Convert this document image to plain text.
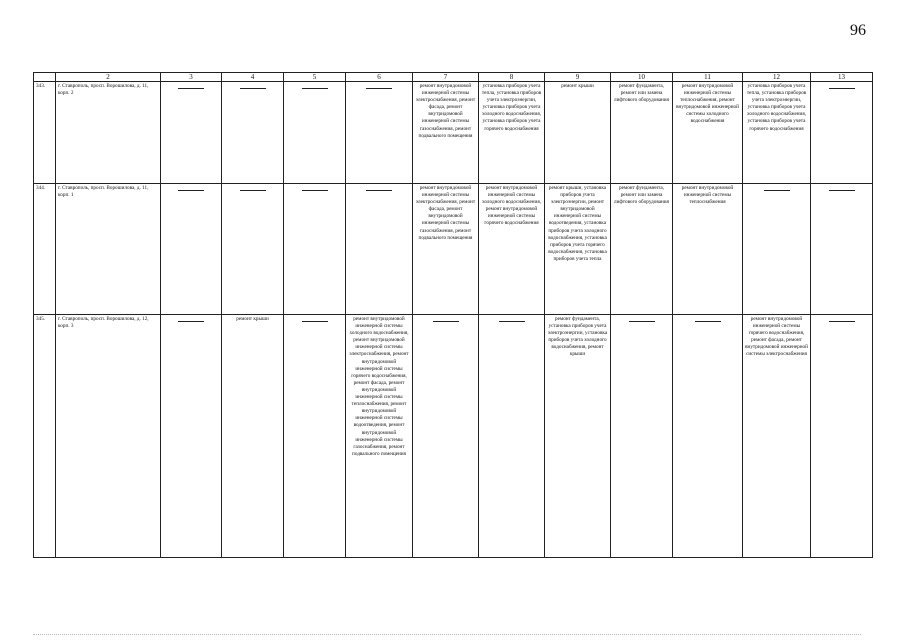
96
	2	3	4	5	6	7	8	9	10	11	12	13
343.	г. Ставрополь, просп. Ворошилова, д. 11, корп. 2					ремонт внутридомовой инженерной системы электроснабжения, ремонт фасада, ремонт внутридомовой инженерной системы газоснабжения, ремонт подвального помещения	установка приборов учета тепла, установка приборов учета электроэнергии, установка приборов учета холодного водоснабжения, установка приборов учета горячего водоснабжения	ремонт крыши	ремонт фундамента, ремонт или замена лифтового оборудования	ремонт внутридомовой инженерной системы теплоснабжения, ремонт внутридомовой инженерной системы холодного водоснабжения	установка приборов учета тепла, установка приборов учета электроэнергии, установка приборов учета холодного водоснабжения, установка приборов учета горячего водоснабжения	

344.	г. Ставрополь, просп. Ворошилова, д. 11, корп. 1					ремонт внутридомовой инженерной системы электроснабжения, ремонт фасада, ремонт внутридомовой инженерной системы газоснабжения, ремонт подвального помещения	ремонт внутридомовой инженерной системы холодного водоснабжения, ремонт внутридомовой инженерной системы горячего водоснабжения	ремонт крыши, установка приборов учета электроэнергии, ремонт внутридомовой инженерной системы водоотведения, установка приборов учета холодного водоснабжения, установка приборов учета горячего водоснабжения, установка приборов учета тепла	ремонт фундамента, ремонт или замена лифтового оборудования	ремонт внутридомовой инженерной системы теплоснабжения	

345.	г. Ставрополь, просп. Ворошилова, д. 12, корп. 3		ремонт крыши		ремонт внутридомовой инженерной системы холодного водоснабжения, ремонт внутридомовой инженерной системы электроснабжения, ремонт внутридомовой инженерной системы горячего водоснабжения, ремонт фасада, ремонт внутридомовой инженерной системы теплоснабжения, ремонт внутридомовой инженерной системы водоотведения, ремонт внутридомовой инженерной системы газоснабжения, ремонт подвального помещения			ремонт фундамента, установка приборов учета электроэнергии, установка приборов учета холодного водоснабжения, ремонт крыши			ремонт внутридомовой инженерной системы горячего водоснабжения, ремонт фасада, ремонт внутридомовой инженерной системы электроснабжения	
